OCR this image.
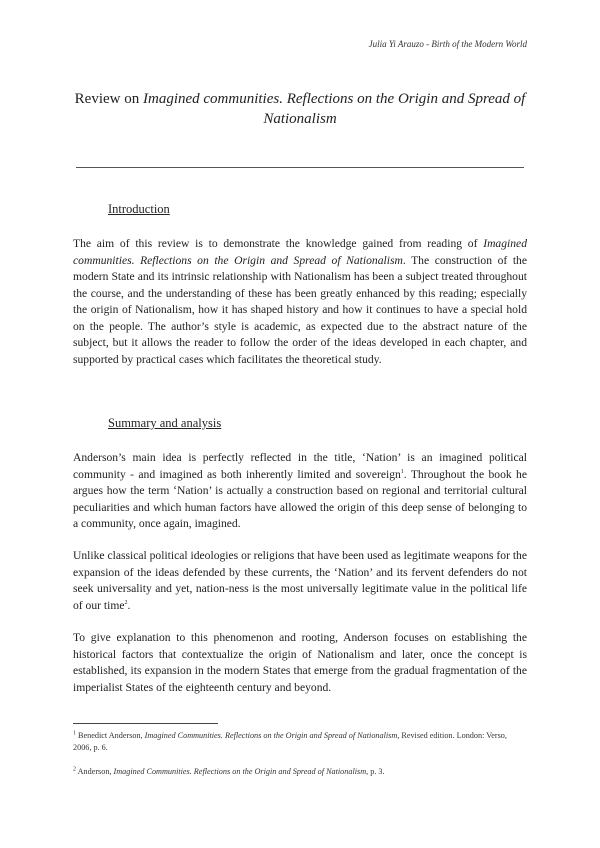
Julia Yi Arauzo - Birth of the Modern World
Review on Imagined communities. Reflections on the Origin and Spread of Nationalism
Introduction
The aim of this review is to demonstrate the knowledge gained from reading of Imagined communities. Reflections on the Origin and Spread of Nationalism. The construction of the modern State and its intrinsic relationship with Nationalism has been a subject treated throughout the course, and the understanding of these has been greatly enhanced by this reading; especially the origin of Nationalism, how it has shaped history and how it continues to have a special hold on the people. The author’s style is academic, as expected due to the abstract nature of the subject, but it allows the reader to follow the order of the ideas developed in each chapter, and supported by practical cases which facilitates the theoretical study.
Summary and analysis
Anderson’s main idea is perfectly reflected in the title, ‘Nation’ is an imagined political community - and imagined as both inherently limited and sovereign$^1$. Throughout the book he argues how the term ‘Nation’ is actually a construction based on regional and territorial cultural peculiarities and which human factors have allowed the origin of this deep sense of belonging to a community, once again, imagined.
Unlike classical political ideologies or religions that have been used as legitimate weapons for the expansion of the ideas defended by these currents, the ‘Nation’ and its fervent defenders do not seek universality and yet, nation-ness is the most universally legitimate value in the political life of our time$^2$.
To give explanation to this phenomenon and rooting, Anderson focuses on establishing the historical factors that contextualize the origin of Nationalism and later, once the concept is established, its expansion in the modern States that emerge from the gradual fragmentation of the imperialist States of the eighteenth century and beyond.
$^1$ Benedict Anderson, Imagined Communities. Reflections on the Origin and Spread of Nationalism, Revised edition. London: Verso, 2006, p. 6.
$^2$ Anderson, Imagined Communities. Reflections on the Origin and Spread of Nationalism, p. 3.
